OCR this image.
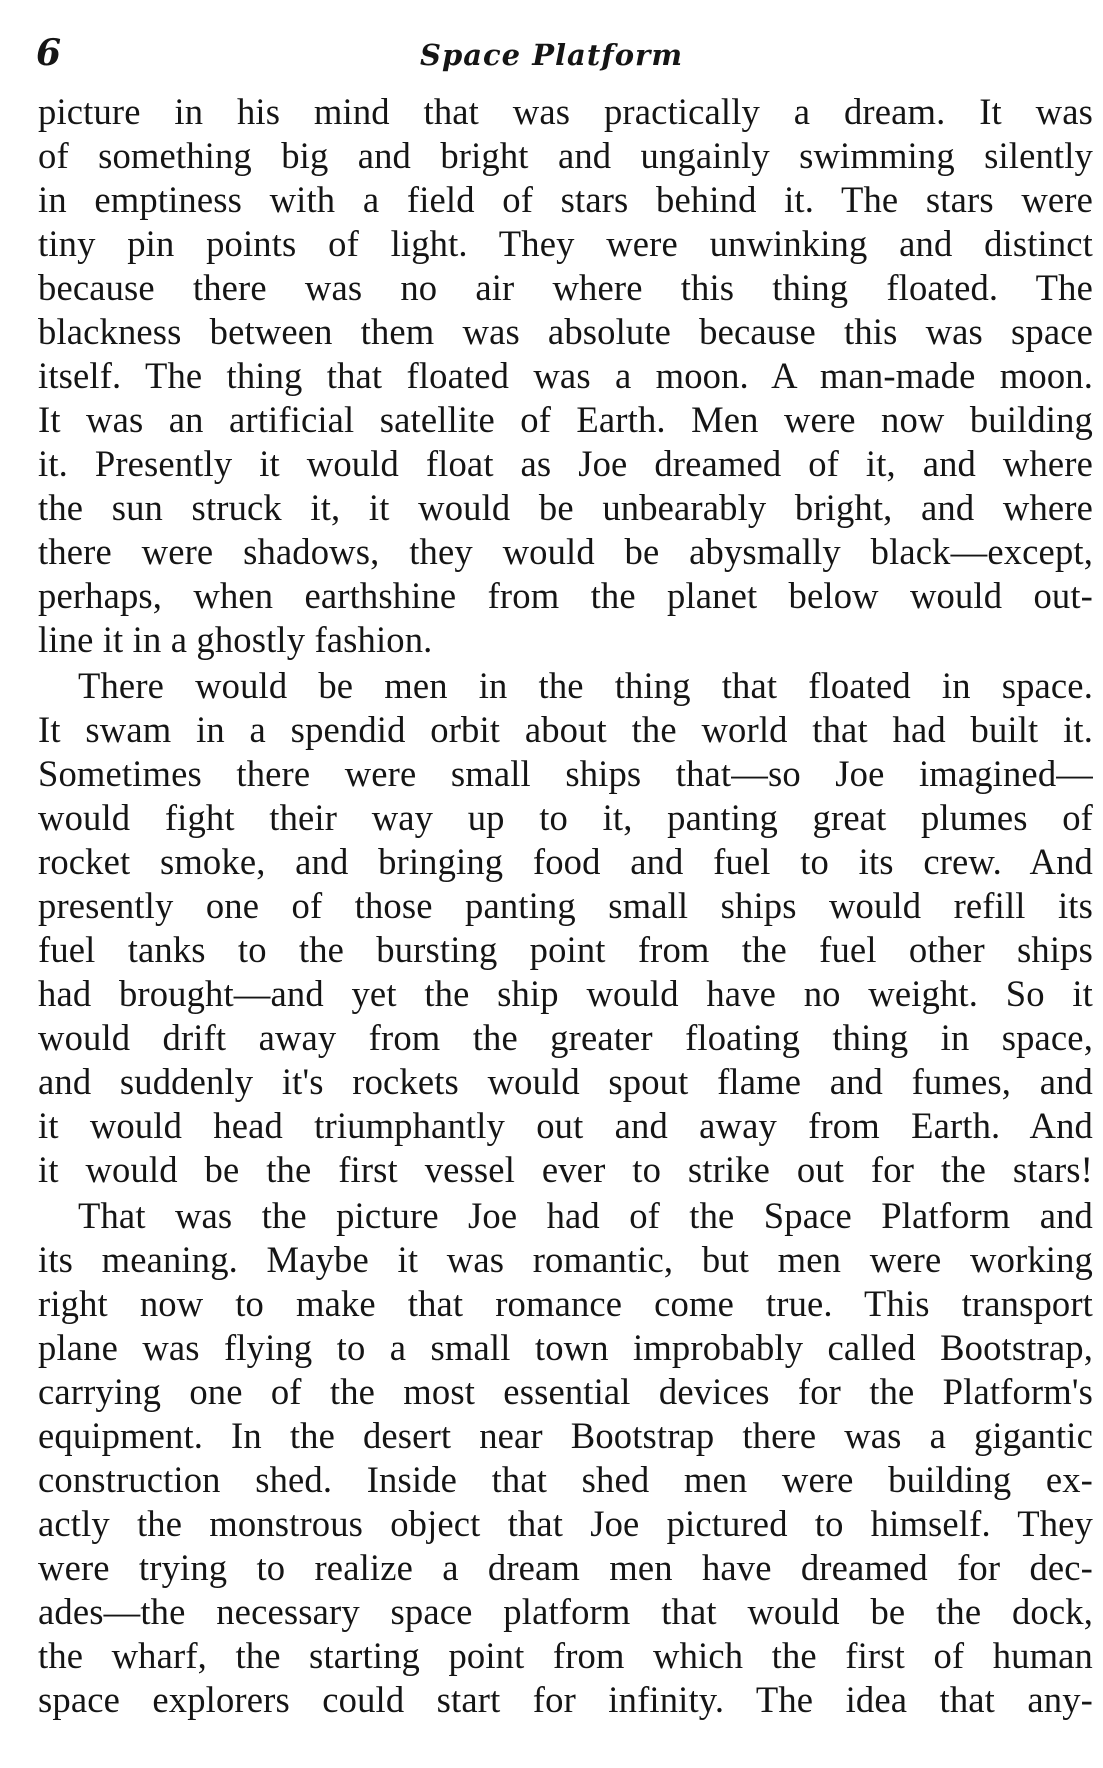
6	Space Platform
picture in his mind that was practically a dream. It was
of something big and bright and ungainly swimming silently
in emptiness with a field of stars behind it. The stars were
tiny pin points of light. They were unwinking and distinct
because there was no air where this thing floated. The
blackness between them was absolute because this was space
itself. The thing that floated was a moon. A man-made moon.
It was an artificial satellite of Earth. Men were now building
it. Presently it would float as Joe dreamed of it, and where
the sun struck it, it would be unbearably bright, and where
there were shadows, they would be abysmally black—except,
perhaps, when earthshine from the planet below would out-
line it in a ghostly fashion.
There would be men in the thing that floated in space.
It swam in a spendid orbit about the world that had built it.
Sometimes there were small ships that—so Joe imagined—
would fight their way up to it, panting great plumes of
rocket smoke, and bringing food and fuel to its crew. And
presently one of those panting small ships would refill its
fuel tanks to the bursting point from the fuel other ships
had brought—and yet the ship would have no weight. So it
would drift away from the greater floating thing in space,
and suddenly it's rockets would spout flame and fumes, and
it would head triumphantly out and away from Earth. And
it would be the first vessel ever to strike out for the stars!
That was the picture Joe had of the Space Platform and
its meaning. Maybe it was romantic, but men were working
right now to make that romance come true. This transport
plane was flying to a small town improbably called Bootstrap,
carrying one of the most essential devices for the Platform's
equipment. In the desert near Bootstrap there was a gigantic
construction shed. Inside that shed men were building ex-
actly the monstrous object that Joe pictured to himself. They
were trying to realize a dream men have dreamed for dec-
ades—the necessary space platform that would be the dock,
the wharf, the starting point from which the first of human
space explorers could start for infinity. The idea that any-
